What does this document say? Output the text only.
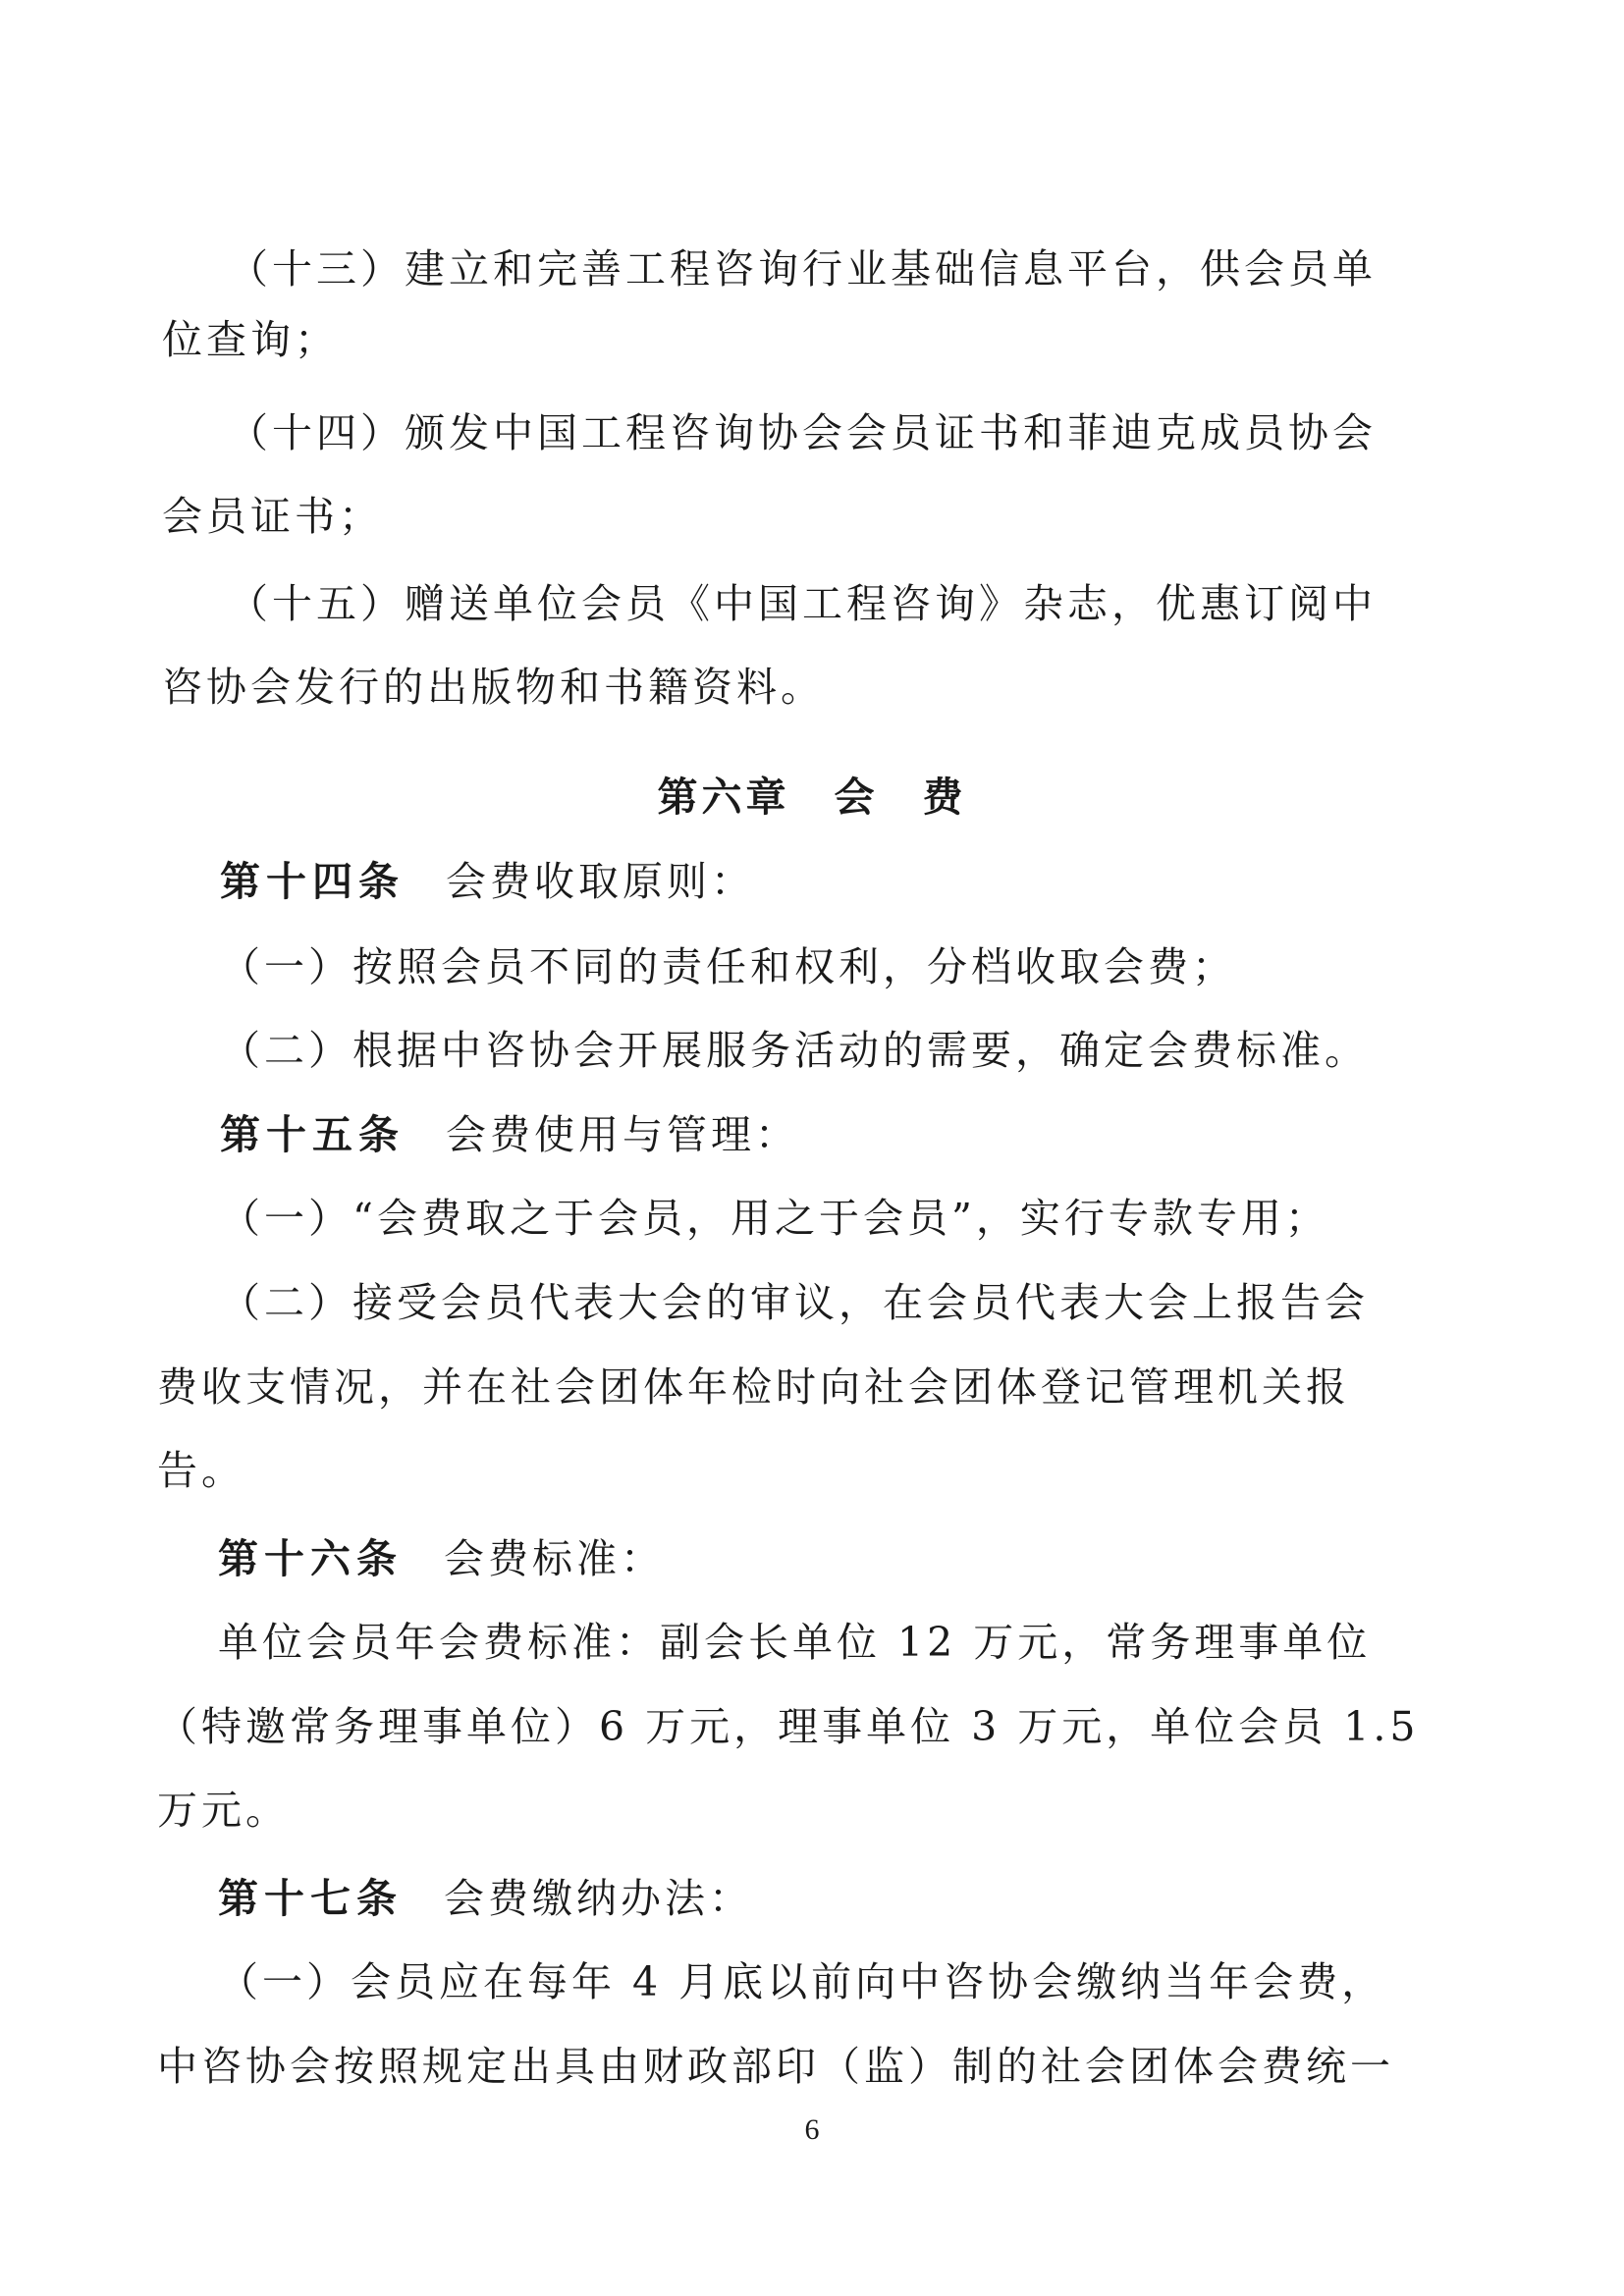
（十三）建立和完善工程咨询行业基础信息平台，供会员单
位查询；
（十四）颁发中国工程咨询协会会员证书和菲迪克成员协会
会员证书；
（十五）赠送单位会员《中国工程咨询》杂志，优惠订阅中
咨协会发行的出版物和书籍资料。
第六章　会　费
第十四条 会费收取原则：
（一）按照会员不同的责任和权利，分档收取会费；
（二）根据中咨协会开展服务活动的需要，确定会费标准。
第十五条 会费使用与管理：
（一）“会费取之于会员，用之于会员”，实行专款专用；
（二）接受会员代表大会的审议，在会员代表大会上报告会
费收支情况，并在社会团体年检时向社会团体登记管理机关报
告。
第十六条 会费标准：
单位会员年会费标准：副会长单位 12 万元，常务理事单位
（特邀常务理事单位）6 万元，理事单位 3 万元，单位会员 1.5
万元。
第十七条 会费缴纳办法：
（一）会员应在每年 4 月底以前向中咨协会缴纳当年会费，
中咨协会按照规定出具由财政部印（监）制的社会团体会费统一
6
